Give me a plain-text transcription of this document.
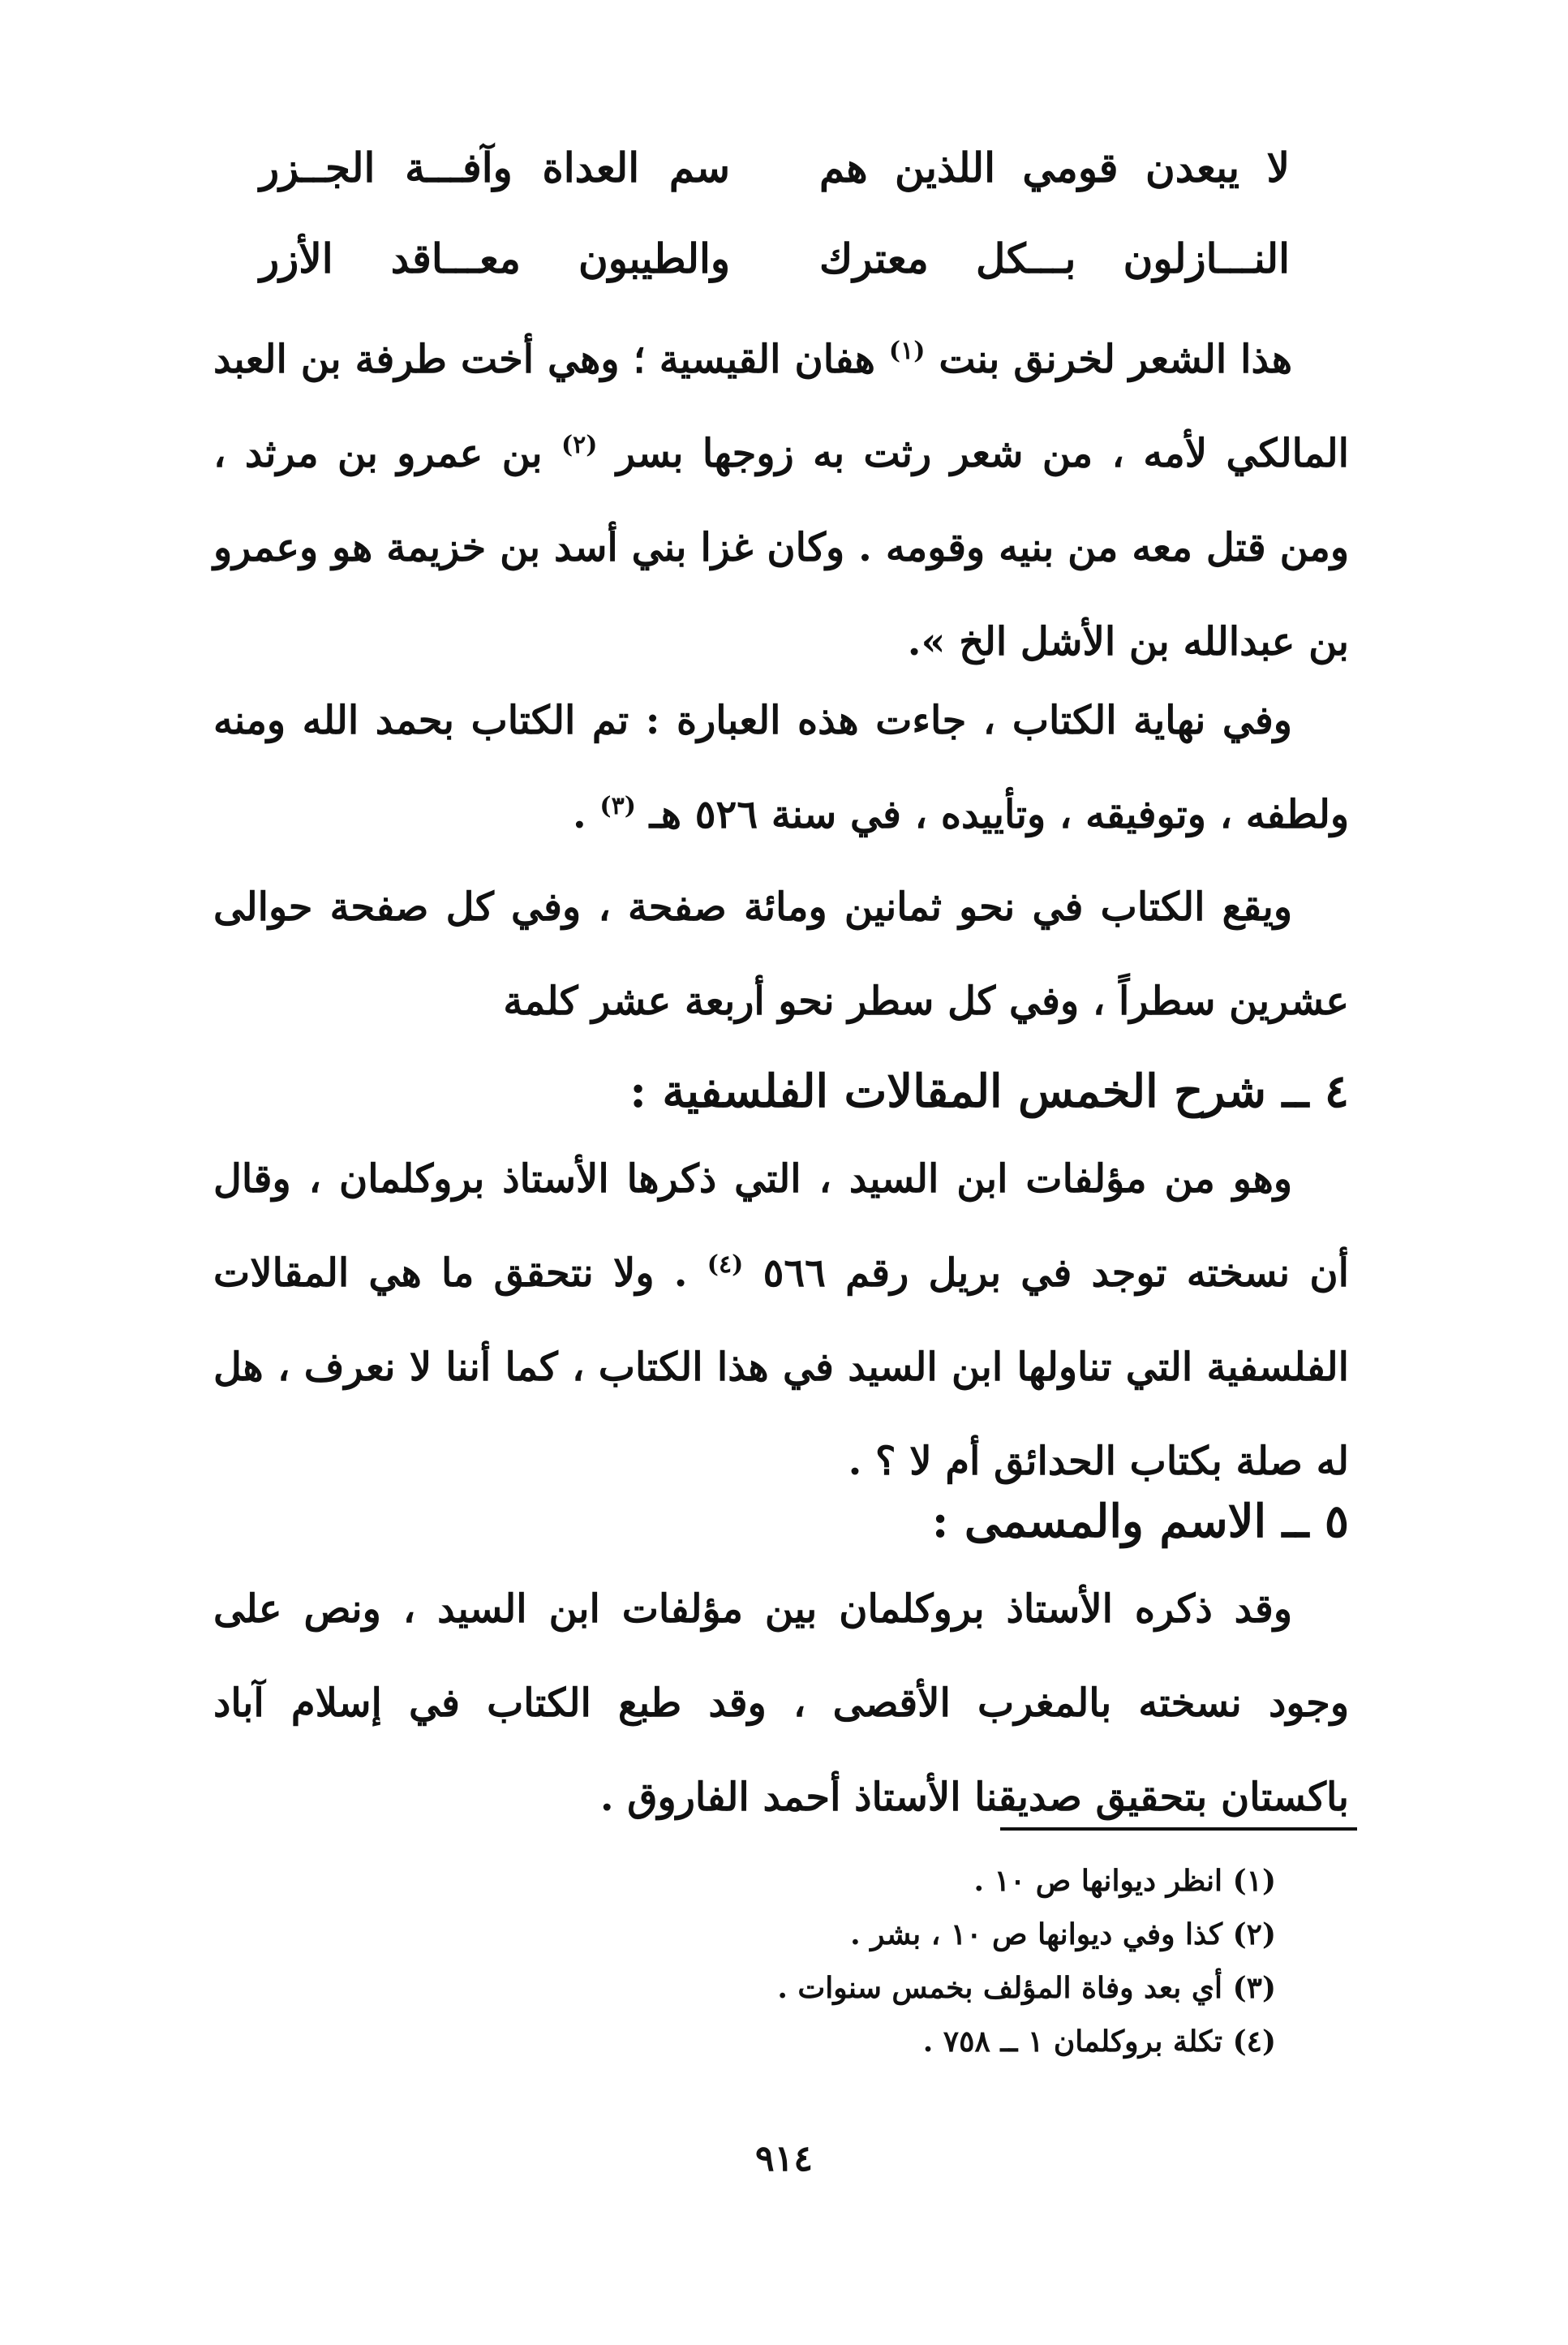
لا يبعدن قومي اللذين هم
سم العداة وآفـــة الجــزر
النـــازلون بـــكل معترك
والطيبون معـــاقد الأزر

هذا الشعر لخرنق بنت $^{(١)}$ هفان القيسية ؛ وهي أخت طرفة بن العبد المالكي لأمه ، من شعر رثت به زوجها بسر $^{(٢)}$ بن عمرو بن مرثد ، ومن قتل معه من بنيه وقومه . وكان غزا بني أسد بن خزيمة هو وعمرو بن عبدالله بن الأشل الخ ».

وفي نهاية الكتاب ، جاءت هذه العبارة : تم الكتاب بحمد الله ومنه ولطفه ، وتوفيقه ، وتأييده ، في سنة ٥٢٦ هـ $^{(٣)}$ .

ويقع الكتاب في نحو ثمانين ومائة صفحة ، وفي كل صفحة حوالى عشرين سطراً ، وفي كل سطر نحو أربعة عشر كلمة

٤ ــ شرح الخمس المقالات الفلسفية :

وهو من مؤلفات ابن السيد ، التي ذكرها الأستاذ بروكلمان ، وقال أن نسخته توجد في بريل رقم ٥٦٦ $^{(٤)}$ . ولا نتحقق ما هي المقالات الفلسفية التي تناولها ابن السيد في هذا الكتاب ، كما أننا لا نعرف ، هل له صلة بكتاب الحدائق أم لا ؟ .

٥ ــ الاسم والمسمى :

وقد ذكره الأستاذ بروكلمان بين مؤلفات ابن السيد ، ونص على وجود نسخته بالمغرب الأقصى ، وقد طبع الكتاب في إسلام آباد باكستان بتحقيق صديقنا الأستاذ أحمد الفاروق .

(١) انظر ديوانها ص ١٠ .
(٢) كذا وفي ديوانها ص ١٠ ، بشر .
(٣) أي بعد وفاة المؤلف بخمس سنوات .
(٤) تكلة بروكلمان ١ ــ ٧٥٨ .
٩١٤
